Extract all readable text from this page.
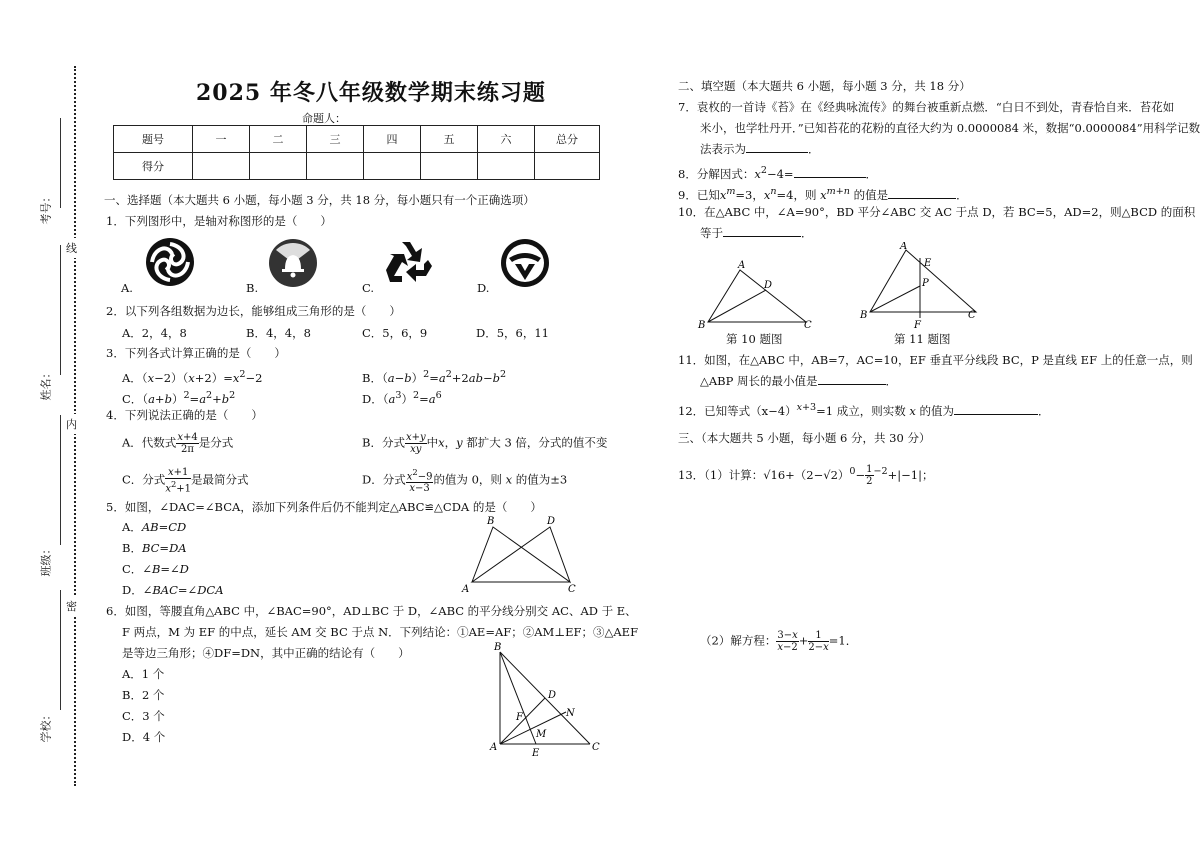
考号：
姓名：
班级：
学校：
线
内
密
2025 年冬八年级数学期末练习题
命题人：
题号	一	二	三	四	五	六	总分
得分							
一、选择题（本大题共 6 小题，每小题 3 分，共 18 分，每小题只有一个正确选项）
1．下列图形中，是轴对称图形的是（　　）
A.	B.	C.	D.
2．以下列各组数据为边长，能够组成三角形的是（　　）
A．2，4，8	B．4，4，8	C．5，6，9	D．5，6，11
3．下列各式计算正确的是（　　）
A．$(x-2)(x+2)=x^2-2$	B．$(a-b)^2=a^2+2ab-b^2$
C．$(a+b)^2=a^2+b^2$	D．$(a^3)^2=a^6$
4．下列说法正确的是（　　）
A．代数式 $\frac{x+4}{2\pi}$ 是分式	B．分式 $\frac{x+y}{xy}$ 中x，y 都扩大 3 倍，分式的值不变
C．分式 $\frac{x+1}{x^2+1}$ 是最简分式	D．分式 $\frac{x^2-9}{x-3}$ 的值为 0，则 x 的值为±3
5．如图，∠DAC=∠BCA，添加下列条件后仍不能判定△ABC≌△CDA 的是（　　）
A．AB=CD
B．BC=DA
C．∠B=∠D
D．∠BAC=∠DCA
B	D
A	C
6．如图，等腰直角△ABC 中，∠BAC=90°，AD⊥BC 于 D，∠ABC 的平分线分别交 AC、AD 于 E、
F 两点，M 为 EF 的中点，延长 AM 交 BC 于点 N．下列结论：①AE=AF；②AM⊥EF；③△AEF
是等边三角形；④DF=DN，其中正确的结论有（　　）
A．1 个
B．2 个
C．3 个
D．4 个
B
D
N
F
M
A
E
C
二、填空题（本大题共 6 小题，每小题 3 分，共 18 分）
7．袁枚的一首诗《苔》在《经典咏流传》的舞台被重新点燃．“白日不到处，青春恰自来．苔花如
米小，也学牡丹开．”已知苔花的花粉的直径大约为 0.0000084 米，数据“0.0000084”用科学记数
法表示为	．
8．分解因式：$x^2-4=$	．
9．已知$x^m=3$，$x^n=4$，则 $x^{m+n}$ 的值是	．
10．在△ABC 中，∠A=90°，BD 平分∠ABC 交 AC 于点 D，若 BC=5，AD=2，则△BCD 的面积
等于	．
A
D
B	C
第 10 题图
A
E
P
B
F
C
第 11 题图
11．如图，在△ABC 中，AB=7，AC=10，EF 垂直平分线段 BC，P 是直线 EF 上的任意一点，则
△ABP 周长的最小值是	．
12．已知等式$(x-4)^{x+3}=1$ 成立，则实数 x 的值为	．
三、（本大题共 5 小题，每小题 6 分，共 30 分）
13．（1）计算：$√16+(2-√2)^0- \frac{1}{2} ^{-2}+|-1|$；
（2）解方程： $\frac{3-x}{x-2} + \frac{1}{2-x} =1$．
